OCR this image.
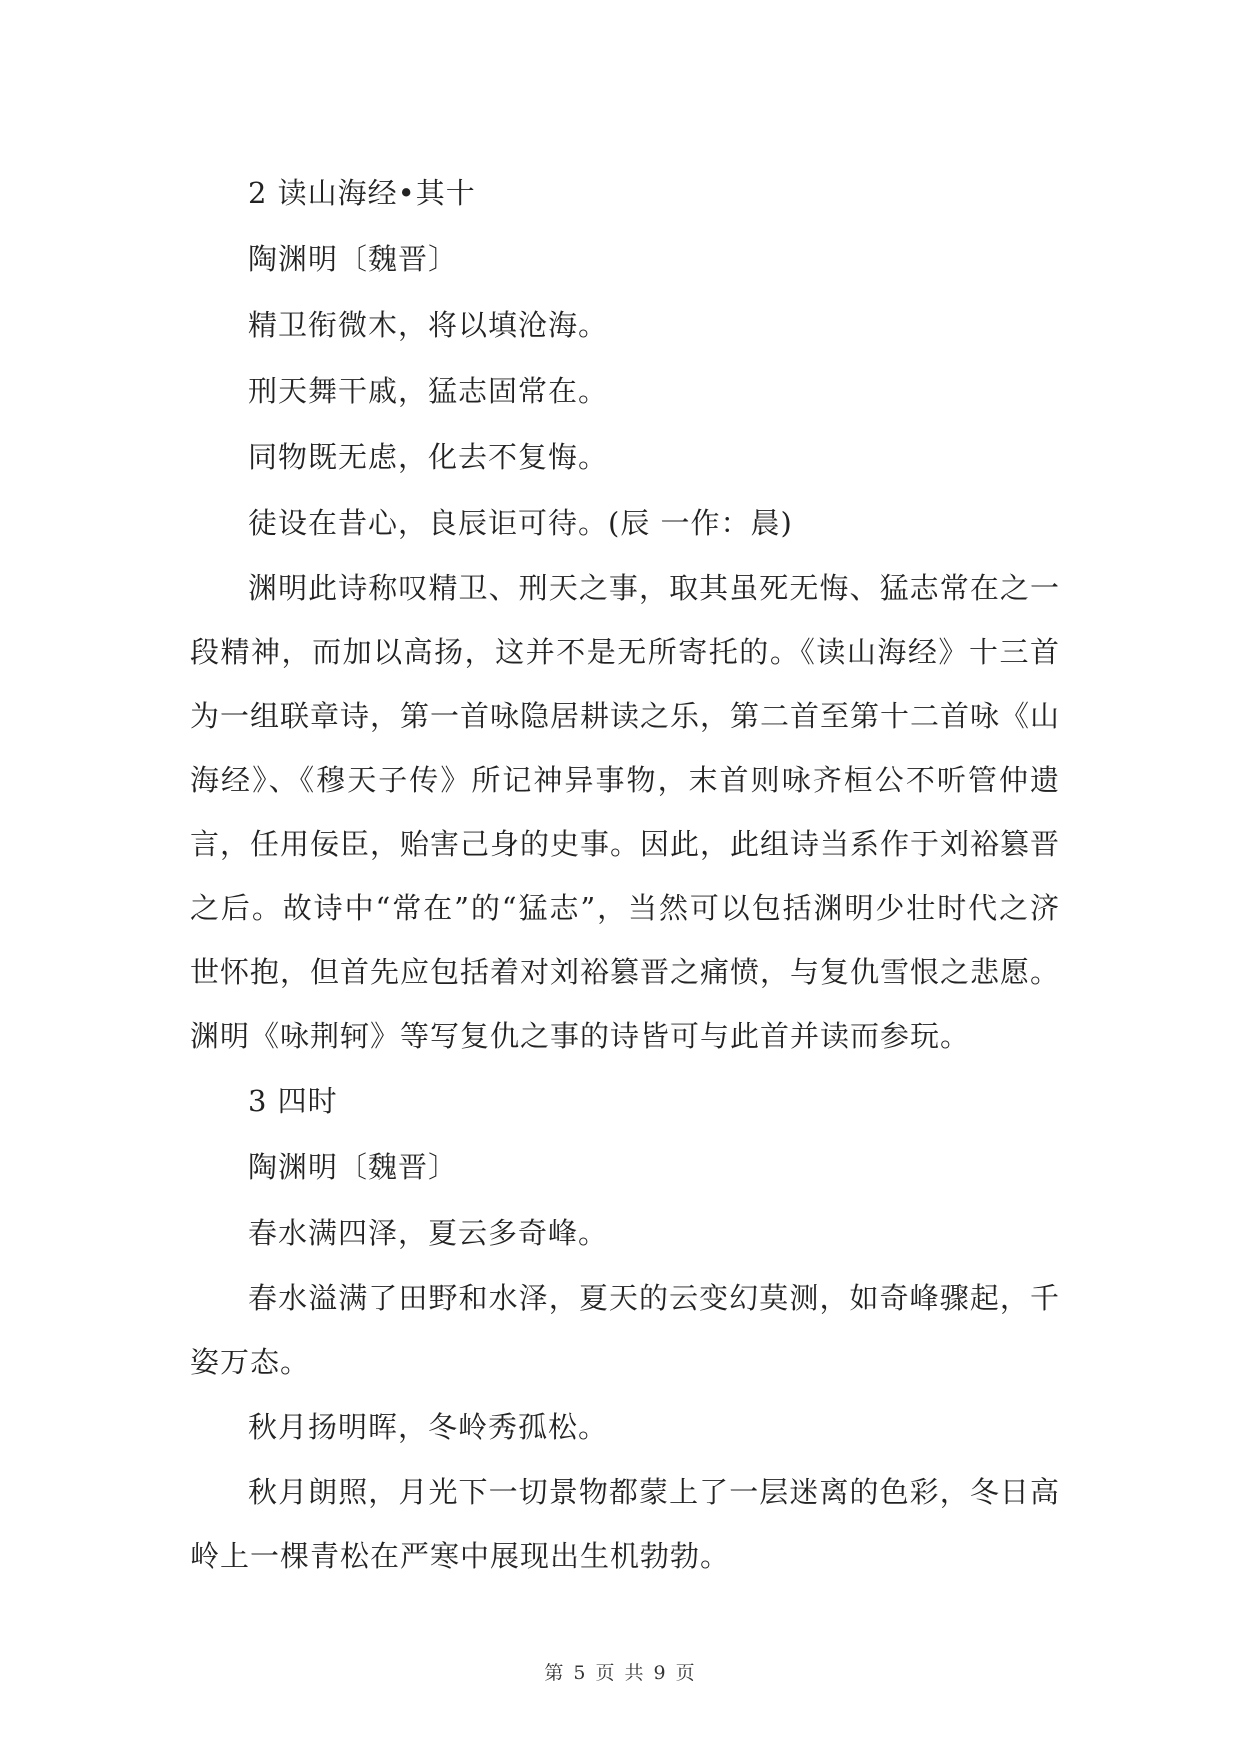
2 读山海经•其十

陶渊明〔魏晋〕

精卫衔微木，将以填沧海。

刑天舞干戚，猛志固常在。

同物既无虑，化去不复悔。

徒设在昔心，良辰讵可待。(辰 一作：晨)

渊明此诗称叹精卫、刑天之事，取其虽死无悔、猛志常在之一段精神，而加以高扬，这并不是无所寄托的。《读山海经》十三首为一组联章诗，第一首咏隐居耕读之乐，第二首至第十二首咏《山海经》、《穆天子传》所记神异事物，末首则咏齐桓公不听管仲遗言，任用佞臣，贻害己身的史事。因此，此组诗当系作于刘裕篡晋之后。故诗中“常在”的“猛志”，当然可以包括渊明少壮时代之济世怀抱，但首先应包括着对刘裕篡晋之痛愤，与复仇雪恨之悲愿。渊明《咏荆轲》等写复仇之事的诗皆可与此首并读而参玩。

3 四时

陶渊明〔魏晋〕

春水满四泽，夏云多奇峰。

春水溢满了田野和水泽，夏天的云变幻莫测，如奇峰骤起，千姿万态。

秋月扬明晖，冬岭秀孤松。

秋月朗照，月光下一切景物都蒙上了一层迷离的色彩，冬日高岭上一棵青松在严寒中展现出生机勃勃。

第 5 页 共 9 页
